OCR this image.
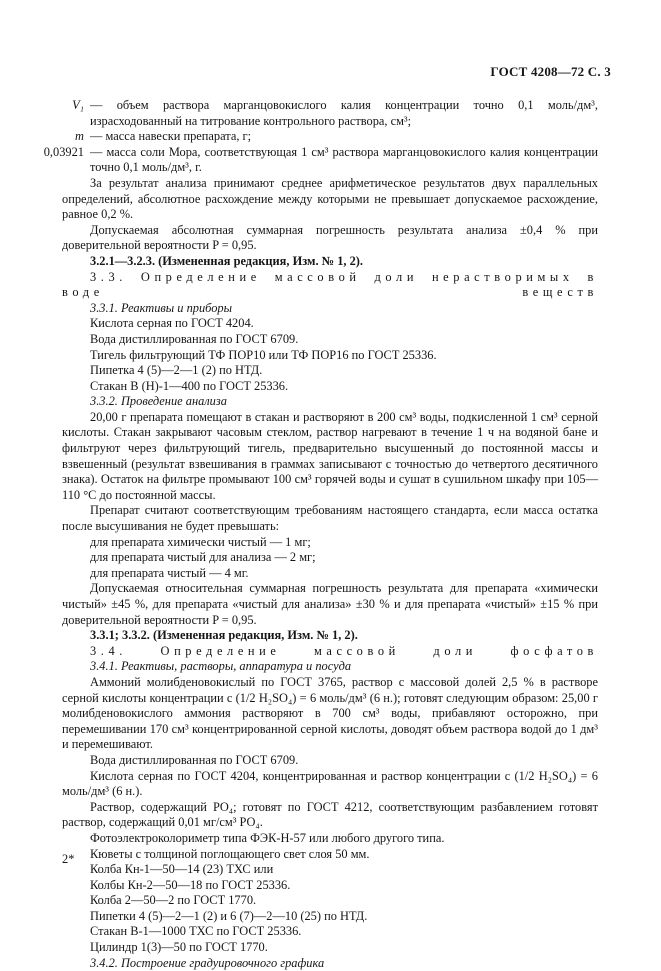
ГОСТ 4208—72 С. 3
V₁ — объем раствора марганцовокислого калия концентрации точно 0,1 моль/дм³, израсходованный на титрование контрольного раствора, см³;
m — масса навески препарата, г;
0,03921 — масса соли Мора, соответствующая 1 см³ раствора марганцовокислого калия концентрации точно 0,1 моль/дм³, г.

За результат анализа принимают среднее арифметическое результатов двух параллельных определений, абсолютное расхождение между которыми не превышает допускаемое расхождение, равное 0,2 %.

Допускаемая абсолютная суммарная погрешность результата анализа ±0,4 % при доверительной вероятности P = 0,95.

3.2.1—3.2.3. (Измененная редакция, Изм. № 1, 2).

3.3. Определение массовой доли нерастворимых в воде веществ

3.3.1. Реактивы и приборы

Кислота серная по ГОСТ 4204.

Вода дистиллированная по ГОСТ 6709.

Тигель фильтрующий ТФ ПОР10 или ТФ ПОР16 по ГОСТ 25336.

Пипетка 4 (5)—2—1 (2) по НТД.

Стакан В (Н)-1—400 по ГОСТ 25336.

3.3.2. Проведение анализа

20,00 г препарата помещают в стакан и растворяют в 200 см³ воды, подкисленной 1 см³ серной кислоты. Стакан закрывают часовым стеклом, раствор нагревают в течение 1 ч на водяной бане и фильтруют через фильтрующий тигель, предварительно высушенный до постоянной массы и взвешенный (результат взвешивания в граммах записывают с точностью до четвертого десятичного знака). Остаток на фильтре промывают 100 см³ горячей воды и сушат в сушильном шкафу при 105—110 °С до постоянной массы.

Препарат считают соответствующим требованиям настоящего стандарта, если масса остатка после высушивания не будет превышать:

для препарата химически чистый — 1 мг;

для препарата чистый для анализа — 2 мг;

для препарата чистый — 4 мг.

Допускаемая относительная суммарная погрешность результата для препарата «химически чистый» ±45 %, для препарата «чистый для анализа» ±30 % и для препарата «чистый» ±15 % при доверительной вероятности P = 0,95.

3.3.1; 3.3.2. (Измененная редакция, Изм. № 1, 2).

3.4. Определение массовой доли фосфатов

3.4.1. Реактивы, растворы, аппаратура и посуда

Аммоний молибденовокислый по ГОСТ 3765, раствор с массовой долей 2,5 % в растворе серной кислоты концентрации c (1/2 H₂SO₄) = 6 моль/дм³ (6 н.); готовят следующим образом: 25,00 г молибденовокислого аммония растворяют в 700 см³ воды, прибавляют осторожно, при перемешивании 170 см³ концентрированной серной кислоты, доводят объем раствора водой до 1 дм³ и перемешивают.

Вода дистиллированная по ГОСТ 6709.

Кислота серная по ГОСТ 4204, концентрированная и раствор концентрации c (1/2 H₂SO₄) = 6 моль/дм³ (6 н.).

Раствор, содержащий PO₄; готовят по ГОСТ 4212, соответствующим разбавлением готовят раствор, содержащий 0,01 мг/см³ PO₄.

Фотоэлектроколориметр типа ФЭК-Н-57 или любого другого типа.

Кюветы с толщиной поглощающего свет слоя 50 мм.

Колба Кн-1—50—14 (23) ТХС или

Колбы Кн-2—50—18 по ГОСТ 25336.

Колба 2—50—2 по ГОСТ 1770.

Пипетки 4 (5)—2—1 (2) и 6 (7)—2—10 (25) по НТД.

Стакан В-1—1000 ТХС по ГОСТ 25336.

Цилиндр 1(3)—50 по ГОСТ 1770.

3.4.2. Построение градуировочного графика

2*
